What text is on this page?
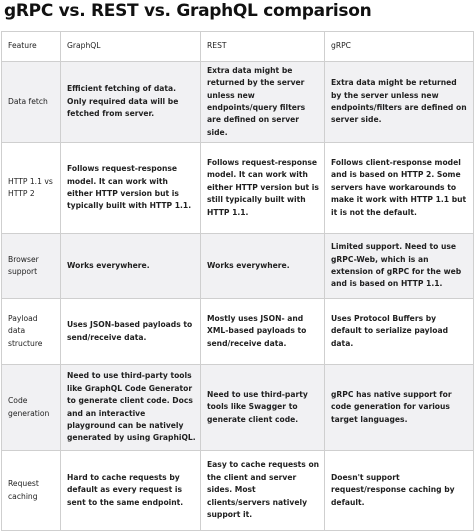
gRPC vs. REST vs. GraphQL comparison
Feature	GraphQL	REST	gRPC
Data fetch	Efficient fetching of data. Only required data will be fetched from server.	Extra data might be returned by the server unless new endpoints/query filters are defined on server side.	Extra data might be returned by the server unless new endpoints/filters are defined on server side.
HTTP 1.1 vs HTTP 2	Follows request-response model. It can work with either HTTP version but is typically built with HTTP 1.1.	Follows request-response model. It can work with either HTTP version but is still typically built with HTTP 1.1.	Follows client-response model and is based on HTTP 2. Some servers have workarounds to make it work with HTTP 1.1 but it is not the default.
Browser support	Works everywhere.	Works everywhere.	Limited support. Need to use gRPC-Web, which is an extension of gRPC for the web and is based on HTTP 1.1.
Payload data structure	Uses JSON-based payloads to send/receive data.	Mostly uses JSON- and XML-based payloads to send/receive data.	Uses Protocol Buffers by default to serialize payload data.
Code generation	Need to use third-party tools like GraphQL Code Generator to generate client code. Docs and an interactive playground can be natively generated by using GraphiQL.	Need to use third-party tools like Swagger to generate client code.	gRPC has native support for code generation for various target languages.
Request caching	Hard to cache requests by default as every request is sent to the same endpoint.	Easy to cache requests on the client and server sides. Most clients/servers natively support it.	Doesn't support request/response caching by default.
